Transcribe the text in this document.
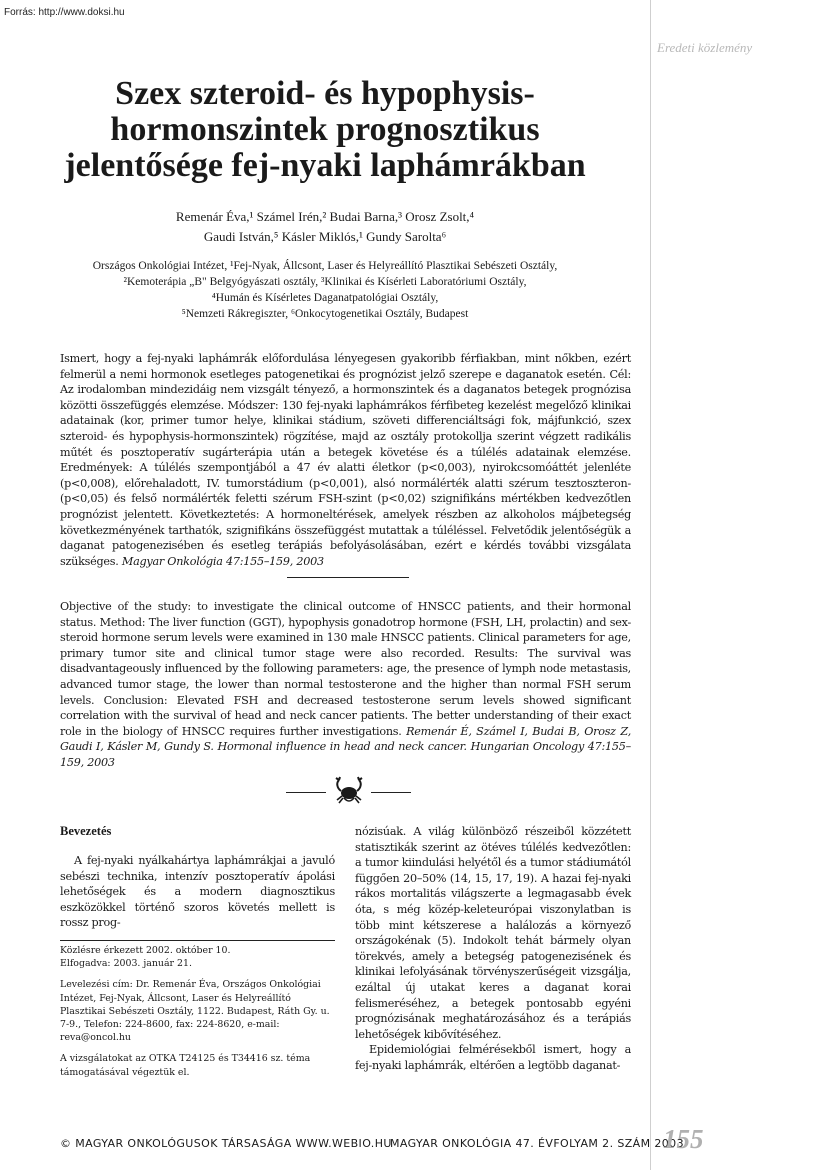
Forrás: http://www.doksi.hu
Eredeti közlemény
Szex szteroid- és hypophysis-
hormonszintek prognosztikus
jelentősége fej-nyaki laphámrákban
Remenár Éva,¹ Számel Irén,² Budai Barna,³ Orosz Zsolt,⁴
Gaudi István,⁵ Kásler Miklós,¹ Gundy Sarolta⁶
Országos Onkológiai Intézet, ¹Fej-Nyak, Állcsont, Laser és Helyreállító Plasztikai Sebészeti Osztály,
²Kemoterápia „B" Belgyógyászati osztály, ³Klinikai és Kísérleti Laboratóriumi Osztály,
⁴Humán és Kísérletes Daganatpatológiai Osztály,
⁵Nemzeti Rákregiszter, ⁶Onkocytogenetikai Osztály, Budapest

Ismert, hogy a fej-nyaki laphámrák előfordulása lényegesen gyakoribb férfiakban, mint nőkben, ezért felmerül a nemi hormonok esetleges patogenetikai és prognózist jelző szerepe e daganatok esetén. Cél: Az irodalomban mindezidáig nem vizsgált tényező, a hormonszintek és a daganatos betegek prognózisa közötti összefüggés elemzése. Módszer: 130 fej-nyaki laphámrákos férfibeteg kezelést megelőző klinikai adatainak (kor, primer tumor helye, klinikai stádium, szöveti differenciáltsági fok, májfunkció, szex szteroid- és hypophysis-hormonszintek) rögzítése, majd az osztály protokollja szerint végzett radikális műtét és posztoperatív sugárterápia után a betegek követése és a túlélés adatainak elemzése. Eredmények: A túlélés szempontjából a 47 év alatti életkor (p<0,003), nyirokcsomóáttét jelenléte (p<0,008), előrehaladott, IV. tumorstádium (p<0,001), alsó normálérték alatti szérum tesztoszteron- (p<0,05) és felső normálérték feletti szérum FSH-szint (p<0,02) szignifikáns mértékben kedvezőtlen prognózist jelentett. Következtetés: A hormoneltérések, amelyek részben az alkoholos májbetegség következményének tarthatók, szignifikáns összefüggést mutattak a túléléssel. Felvetődik jelentőségük a daganat patogenezisében és esetleg terápiás befolyásolásában, ezért e kérdés további vizsgálata szükséges. Magyar Onkológia 47:155–159, 2003

Objective of the study: to investigate the clinical outcome of HNSCC patients, and their hormonal status. Method: The liver function (GGT), hypophysis gonadotrop hormone (FSH, LH, prolactin) and sex-steroid hormone serum levels were examined in 130 male HNSCC patients. Clinical parameters for age, primary tumor site and clinical tumor stage were also recorded. Results: The survival was disadvantageously influenced by the following parameters: age, the presence of lymph node metastasis, advanced tumor stage, the lower than normal testosterone and the higher than normal FSH serum levels. Conclusion: Elevated FSH and decreased testosterone serum levels showed significant correlation with the survival of head and neck cancer patients. The better understanding of their exact role in the biology of HNSCC requires further investigations. Remenár É, Számel I, Budai B, Orosz Z, Gaudi I, Kásler M, Gundy S. Hormonal influence in head and neck cancer. Hungarian Oncology 47:155–159, 2003

Bevezetés

A fej-nyaki nyálkahártya laphámrákjai a javuló sebészi technika, intenzív posztoperatív ápolási lehetőségek és a modern diagnosztikus eszközökkel történő szoros követés mellett is rossz prog-

Közlésre érkezett 2002. október 10.
Elfogadva: 2003. január 21.

Levelezési cím: Dr. Remenár Éva, Országos Onkológiai Intézet, Fej-Nyak, Állcsont, Laser és Helyreállító Plasztikai Sebészeti Osztály, 1122. Budapest, Ráth Gy. u. 7-9., Telefon: 224-8600, fax: 224-8620, e-mail: reva@oncol.hu

A vizsgálatokat az OTKA T24125 és T34416 sz. téma támogatásával végeztük el.

nózisúak. A világ különböző részeiből közzétett statisztikák szerint az ötéves túlélés kedvezőtlen: a tumor kiindulási helyétől és a tumor stádiumától függően 20–50% (14, 15, 17, 19). A hazai fej-nyaki rákos mortalitás világszerte a legmagasabb évek óta, s még közép-keleteurópai viszonylatban is több mint kétszerese a halálozás a környező országokénak (5). Indokolt tehát bármely olyan törekvés, amely a betegség patogenezisének és klinikai lefolyásának törvényszerűségeit vizsgálja, ezáltal új utakat keres a daganat korai felismeréséhez, a betegek pontosabb egyéni prognózisának meghatározásához és a terápiás lehetőségek kibővítéséhez.

Epidemiológiai felmérésekből ismert, hogy a fej-nyaki laphámrák, eltérően a legtöbb daganat-

© MAGYAR ONKOLÓGUSOK TÁRSASÁGA WWW.WEBIO.HU
MAGYAR ONKOLÓGIA 47. ÉVFOLYAM 2. SZÁM 2003
155
